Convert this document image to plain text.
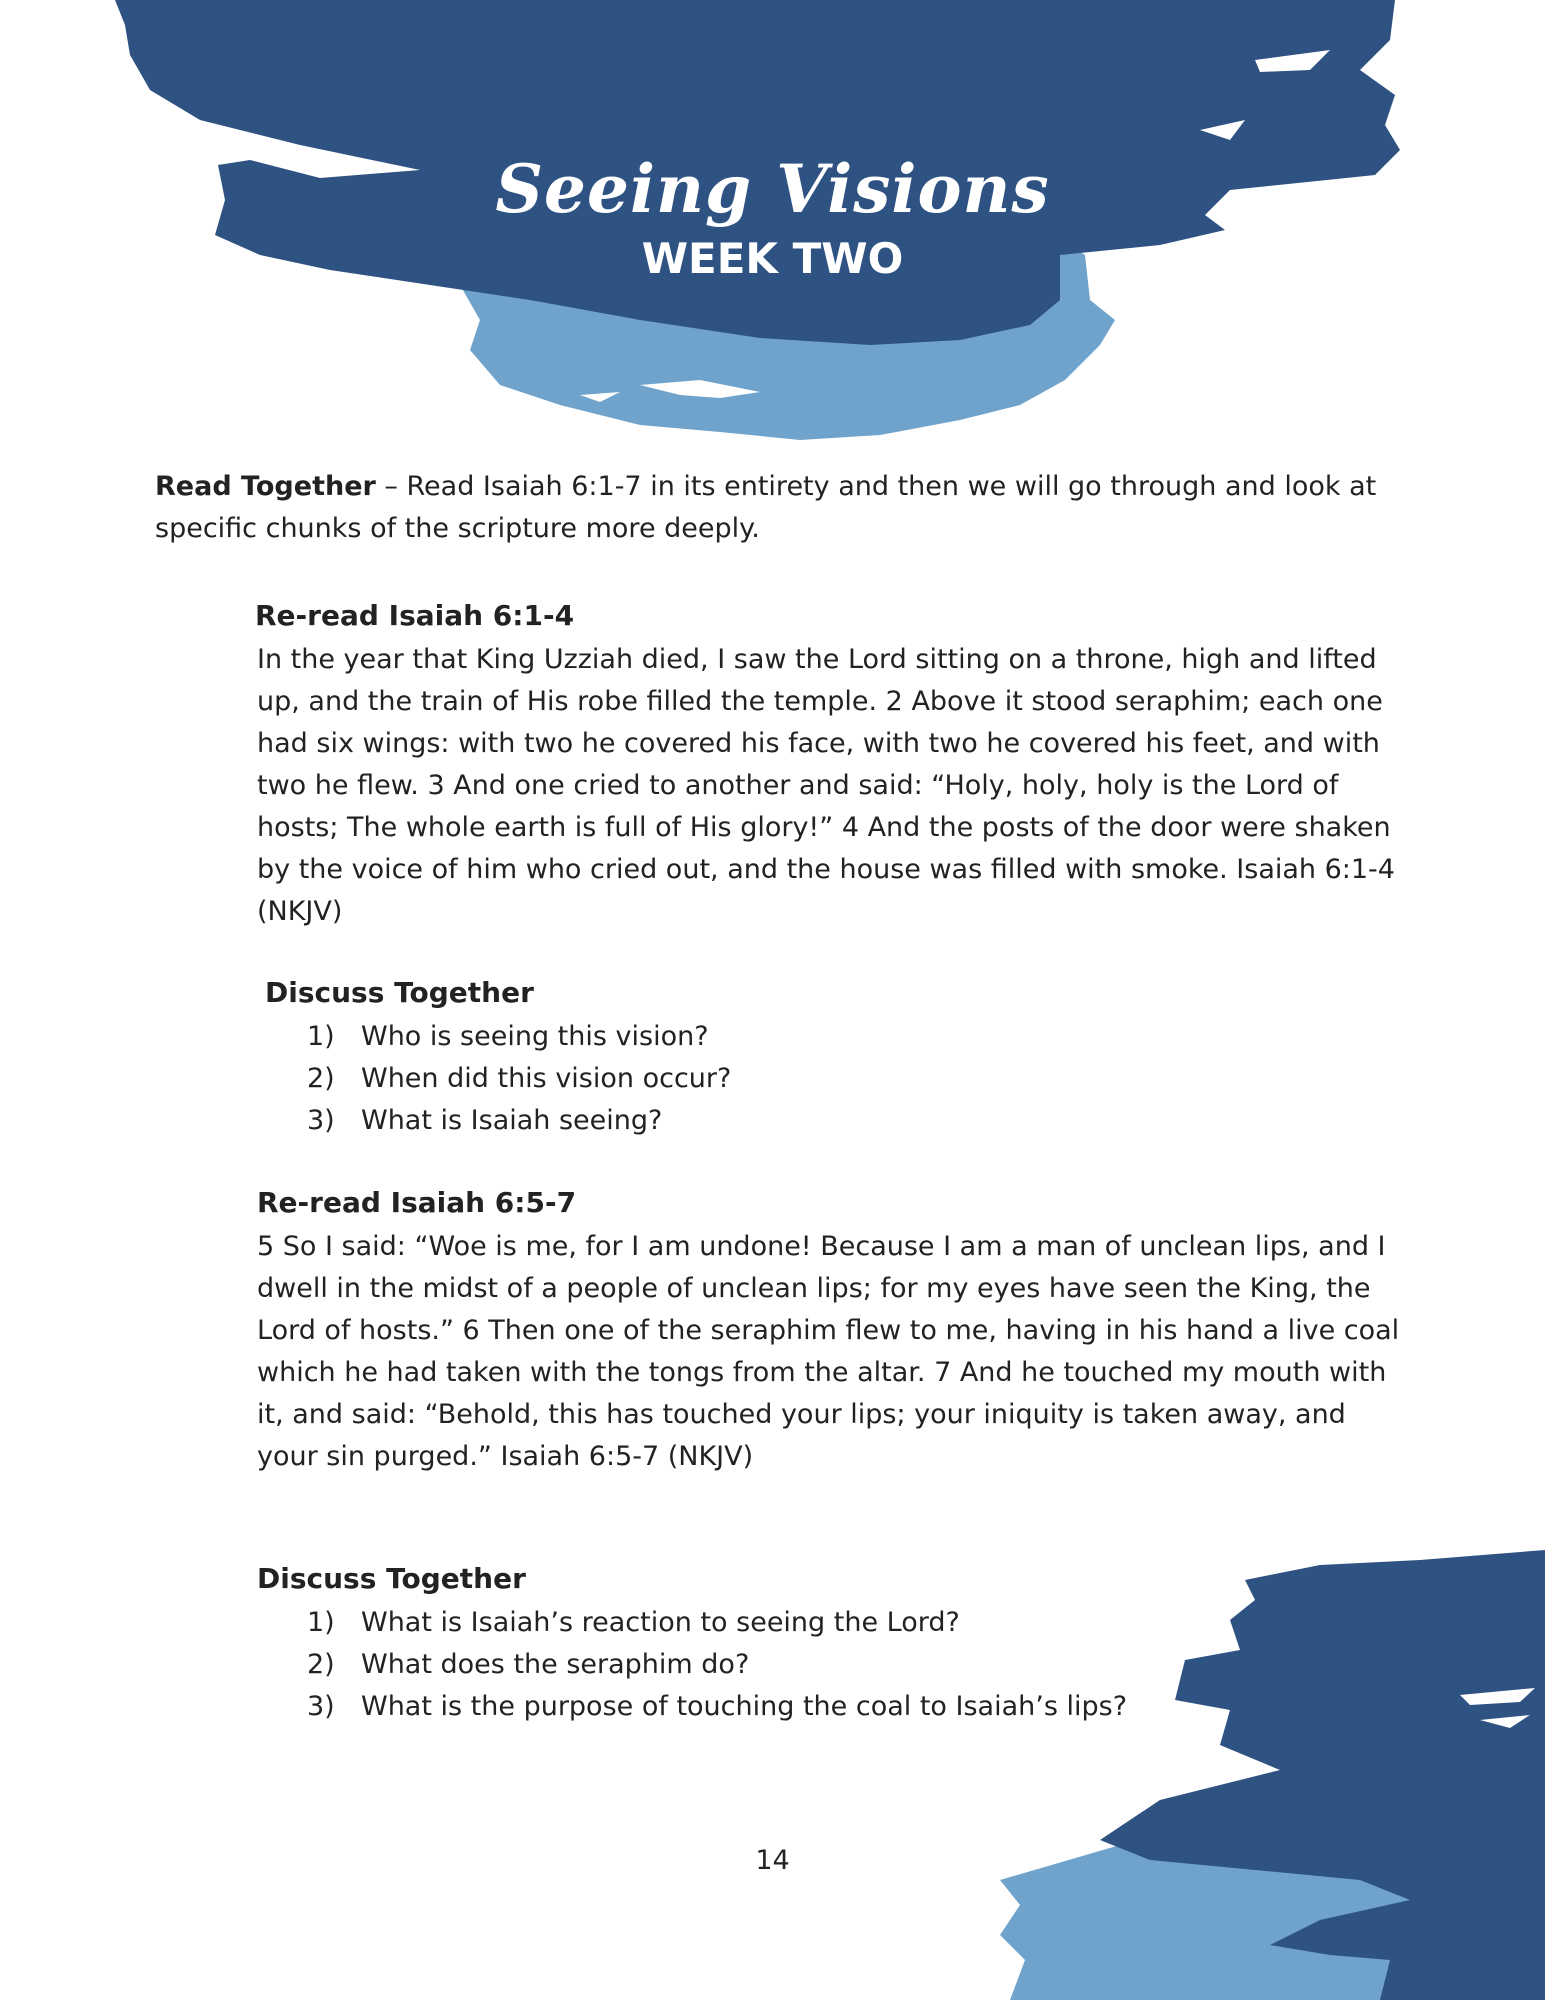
Seeing Visions
WEEK TWO

Read Together – Read Isaiah 6:1-7 in its entirety and then we will go through and look at specific chunks of the scripture more deeply.

Re-read Isaiah 6:1-4

In the year that King Uzziah died, I saw the Lord sitting on a throne, high and lifted up, and the train of His robe filled the temple. 2 Above it stood seraphim; each one had six wings: with two he covered his face, with two he covered his feet, and with two he flew. 3 And one cried to another and said: “Holy, holy, holy is the Lord of hosts; The whole earth is full of His glory!” 4 And the posts of the door were shaken by the voice of him who cried out, and the house was filled with smoke. Isaiah 6:1-4 (NKJV)

Discuss Together
1) Who is seeing this vision?
2) When did this vision occur?
3) What is Isaiah seeing?
Re-read Isaiah 6:5-7

5 So I said: “Woe is me, for I am undone! Because I am a man of unclean lips, and I dwell in the midst of a people of unclean lips; for my eyes have seen the King, the Lord of hosts.” 6 Then one of the seraphim flew to me, having in his hand a live coal which he had taken with the tongs from the altar. 7 And he touched my mouth with it, and said: “Behold, this has touched your lips; your iniquity is taken away, and your sin purged.” Isaiah 6:5-7 (NKJV)

Discuss Together
1) What is Isaiah’s reaction to seeing the Lord?
2) What does the seraphim do?
3) What is the purpose of touching the coal to Isaiah’s lips?
14
